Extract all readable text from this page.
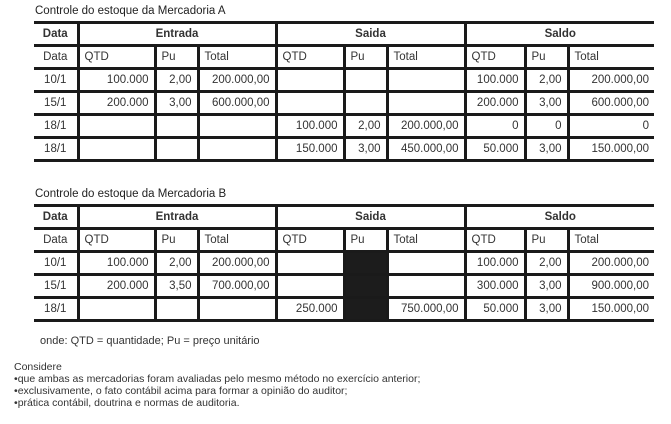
Controle do estoque da Mercadoria A
Data	Entrada			Saida			Saldo		
Data	QTD	Pu	Total	QTD	Pu	Total	QTD	Pu	Total
10/1	100.000	2,00	200.000,00				100.000	2,00	200.000,00
15/1	200.000	3,00	600.000,00				200.000	3,00	600.000,00
18/1				100.000	2,00	200.000,00	0	0	0
18/1				150.000	3,00	450.000,00	50.000	3,00	150.000,00
Controle do estoque da Mercadoria B
Data	Entrada			Saida			Saldo		
Data	QTD	Pu	Total	QTD	Pu	Total	QTD	Pu	Total
10/1	100.000	2,00	200.000,00				100.000	2,00	200.000,00
15/1	200.000	3,50	700.000,00				300.000	3,00	900.000,00
18/1				250.000		750.000,00	50.000	3,00	150.000,00
onde: QTD = quantidade; Pu = preço unitário
Considere
• que ambas as mercadorias foram avaliadas pelo mesmo método no exercício anterior;
• exclusivamente, o fato contábil acima para formar a opinião do auditor;
• prática contábil, doutrina e normas de auditoria.
